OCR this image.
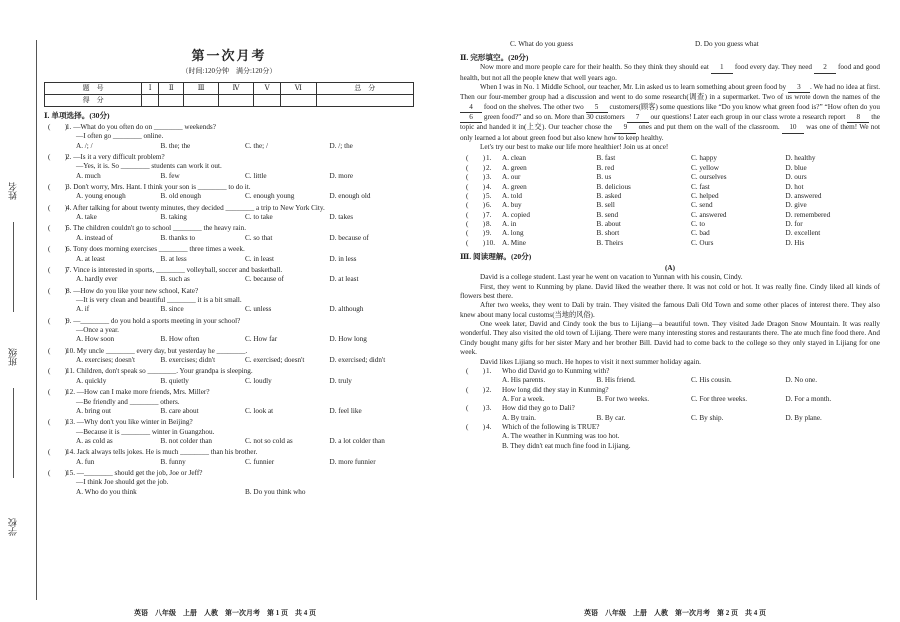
姓名
班级
学校
第一次月考
（时间:120分钟　满分:120分）
题　号	Ⅰ	Ⅱ	Ⅲ	Ⅳ	Ⅴ	Ⅵ	总　分
得　分							
Ⅰ. 单项选择。(30分)
(　　)
1. —What do you often do on ________ weekends?
—I often go ________ online.
A. /; /	B. the; the	C. the; /	D. /; the
(　　)
2. —Is it a very difficult problem?
—Yes, it is. So ________ students can work it out.
A. much	B. few	C. little	D. more
(　　)
3. Don't worry, Mrs. Hant. I think your son is ________ to do it.
A. young enough	B. old enough	C. enough young	D. enough old
(　　)
4. After talking for about twenty minutes, they decided ________ a trip to New York City.
A. take	B. taking	C. to take	D. takes
(　　)
5. The children couldn't go to school ________ the heavy rain.
A. instead of	B. thanks to	C. so that	D. because of
(　　)
6. Tony does morning exercises ________ three times a week.
A. at least	B. at less	C. in least	D. in less
(　　)
7. Vince is interested in sports, ________ volleyball, soccer and basketball.
A. hardly ever	B. such as	C. because of	D. at least
(　　)
8. —How do you like your new school, Kate?
—It is very clean and beautiful ________ it is a bit small.
A. if	B. since	C. unless	D. although
(　　)
9. —________ do you hold a sports meeting in your school?
—Once a year.
A. How soon	B. How often	C. How far	D. How long
(　　)
10. My uncle ________ every day, but yesterday he ________.
A. exercises; doesn't	B. exercises; didn't	C. exercised; doesn't	D. exercised; didn't
(　　)
11. Children, don't speak so ________. Your grandpa is sleeping.
A. quickly	B. quietly	C. loudly	D. truly
(　　)
12. —How can I make more friends, Mrs. Miller?
—Be friendly and ________ others.
A. bring out	B. care about	C. look at	D. feel like
(　　)
13. —Why don't you like winter in Beijing?
—Because it is ________ winter in Guangzhou.
A. as cold as	B. not colder than	C. not so cold as	D. a lot colder than
(　　)
14. Jack always tells jokes. He is much ________ than his brother.
A. fun	B. funny	C. funnier	D. more funnier
(　　)
15. —________ should get the job, Joe or Jeff?
—I think Joe should get the job.
A. Who do you think	B. Do you think who
英语　八年级　上册　人教　第一次月考　第 1 页　共 4 页
C. What do you guess	D. Do you guess what
Ⅱ. 完形填空。(20分)
Now more and more people care for their health. So they think they should eat 1 food every day. They need 2 food and good health, but not all the people knew that well years ago.
When I was in No. 1 Middle School, our teacher, Mr. Lin asked us to learn something about green food by 3 . We had no idea at first. Then our four-member group had a discussion and went to do some research(调查) in a supermarket. Two of us wrote down the names of the 4 food on the shelves. The other two 5 customers(顾客) some questions like “Do you know what green food is?” “How often do you 6 green food?” and so on. More than 30 customers 7 our questions! Later each group in our class wrote a research report 8 the topic and handed it in(上交). Our teacher chose the 9 ones and put them on the wall of the classroom. 10 was one of them! We not only learned a lot about green food but also knew how to keep healthy.
Let's try our best to make our life more healthier! Join us at once!
(　　) 1.	A. clean	B. fast	C. happy	D. healthy
(　　) 2.	A. green	B. red	C. yellow	D. blue
(　　) 3.	A. our	B. us	C. ourselves	D. ours
(　　) 4.	A. green	B. delicious	C. fast	D. hot
(　　) 5.	A. told	B. asked	C. helped	D. answered
(　　) 6.	A. buy	B. sell	C. send	D. give
(　　) 7.	A. copied	B. send	C. answered	D. remembered
(　　) 8.	A. in	B. about	C. to	D. for
(　　) 9.	A. long	B. short	C. bad	D. excellent
(　　) 10. A. Mine	B. Theirs	C. Ours	D. His
Ⅲ. 阅读理解。(20分)
(A)
David is a college student. Last year he went on vacation to Yunnan with his cousin, Cindy.
First, they went to Kunming by plane. David liked the weather there. It was not cold or hot. It was really fine. Cindy liked all kinds of flowers best there.
After two weeks, they went to Dali by train. They visited the famous Dali Old Town and some other places of interest there. They also knew about many local customs(当地的风俗).
One week later, David and Cindy took the bus to Lijiang—a beautiful town. They visited Jade Dragon Snow Mountain. It was really wonderful. They also visited the old town of Lijiang. There were many interesting stores and restaurants there. The ate much fine food there. And Cindy bought many gifts for her sister Mary and her brother Bill. David had to come back to the college so they only stayed in Lijiang for one week.
David likes Lijiang so much. He hopes to visit it next summer holiday again.
(　　) 1.	Who did David go to Kunming with?
A. His parents.	B. His friend.	C. His cousin.	D. No one.
(　　) 2.	How long did they stay in Kunming?
A. For a week.	B. For two weeks.	C. For three weeks.	D. For a month.
(　　) 3.	How did they go to Dali?
A. By train.	B. By car.	C. By ship.	D. By plane.
(　　) 4.	Which of the following is TRUE?
A. The weather in Kunming was too hot.
B. They didn't eat much fine food in Lijiang.
英语　八年级　上册　人教　第一次月考　第 2 页　共 4 页
